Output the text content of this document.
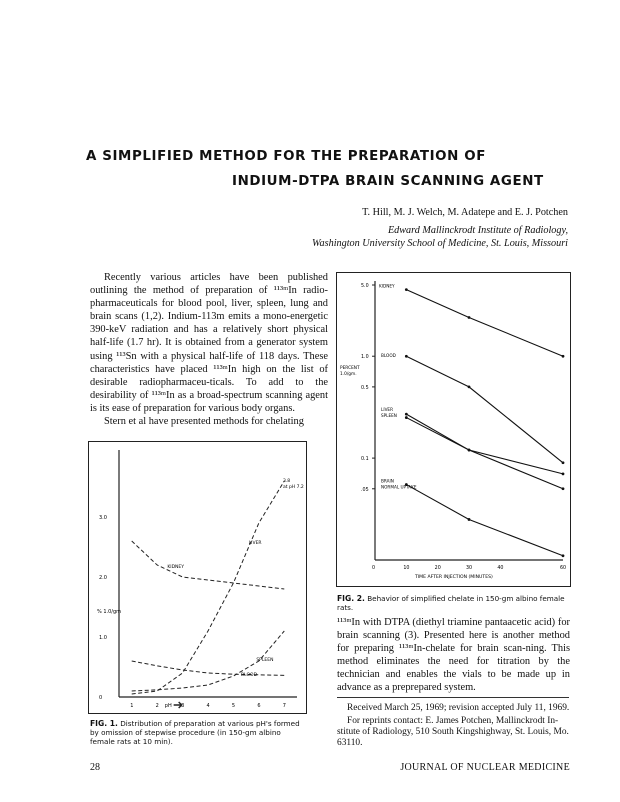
A SIMPLIFIED METHOD FOR THE PREPARATION OF
INDIUM-DTPA BRAIN SCANNING AGENT
T. Hill, M. J. Welch, M. Adatepe and E. J. Potchen
Edward Mallinckrodt Institute of Radiology,
Washington University School of Medicine, St. Louis, Missouri

Recently various articles have been published outlining the method of preparation of ¹¹³ᵐIn radio-pharmaceuticals for blood pool, liver, spleen, lung and brain scans (1,2). Indium-113m emits a mono-energetic 390-keV radiation and has a relatively short physical half-life (1.7 hr). It is obtained from a generator system using ¹¹³Sn with a physical half-life of 118 days. These characteristics have placed ¹¹³ᵐIn high on the list of desirable radiopharmaceu-ticals. To add to the desirability of ¹¹³ᵐIn as a broad-spectrum scanning agent is its ease of preparation for various body organs.

Stern et al have presented methods for chelating

3.0
2.0
1.0
0
% 1.0/gm
1	2	3	4	5	6	7
pH
LIVER
KIDNEY
SPLEEN
BLOOD
3.8
at pH 7.2
FIG. 1. Distribution of preparation at various pH's formed by omission of stepwise procedure (in 150-gm albino female rats at 10 min).
5.0
1.0
0.5
0.1
.05
PERCENT
1.0/gm.
0	10	20	30	40	60
TIME AFTER INJECTION (MINUTES)
KIDNEY
BLOOD
LIVER
SPLEEN
BRAIN
NORMAL UPTAKE
FIG. 2. Behavior of simplified chelate in 150-gm albino female rats.

¹¹³ᵐIn with DTPA (diethyl triamine pantaacetic acid) for brain scanning (3). Presented here is another method for preparing ¹¹³ᵐIn-chelate for brain scan-ning. This method eliminates the need for titration by the technician and enables the vials to be made up in advance as a preprepared system.

Received March 25, 1969; revision accepted July 11, 1969.
For reprints contact: E. James Potchen, Mallinckrodt In-stitute of Radiology, 510 South Kingshighway, St. Louis, Mo. 63110.
28	JOURNAL OF NUCLEAR MEDICINE
